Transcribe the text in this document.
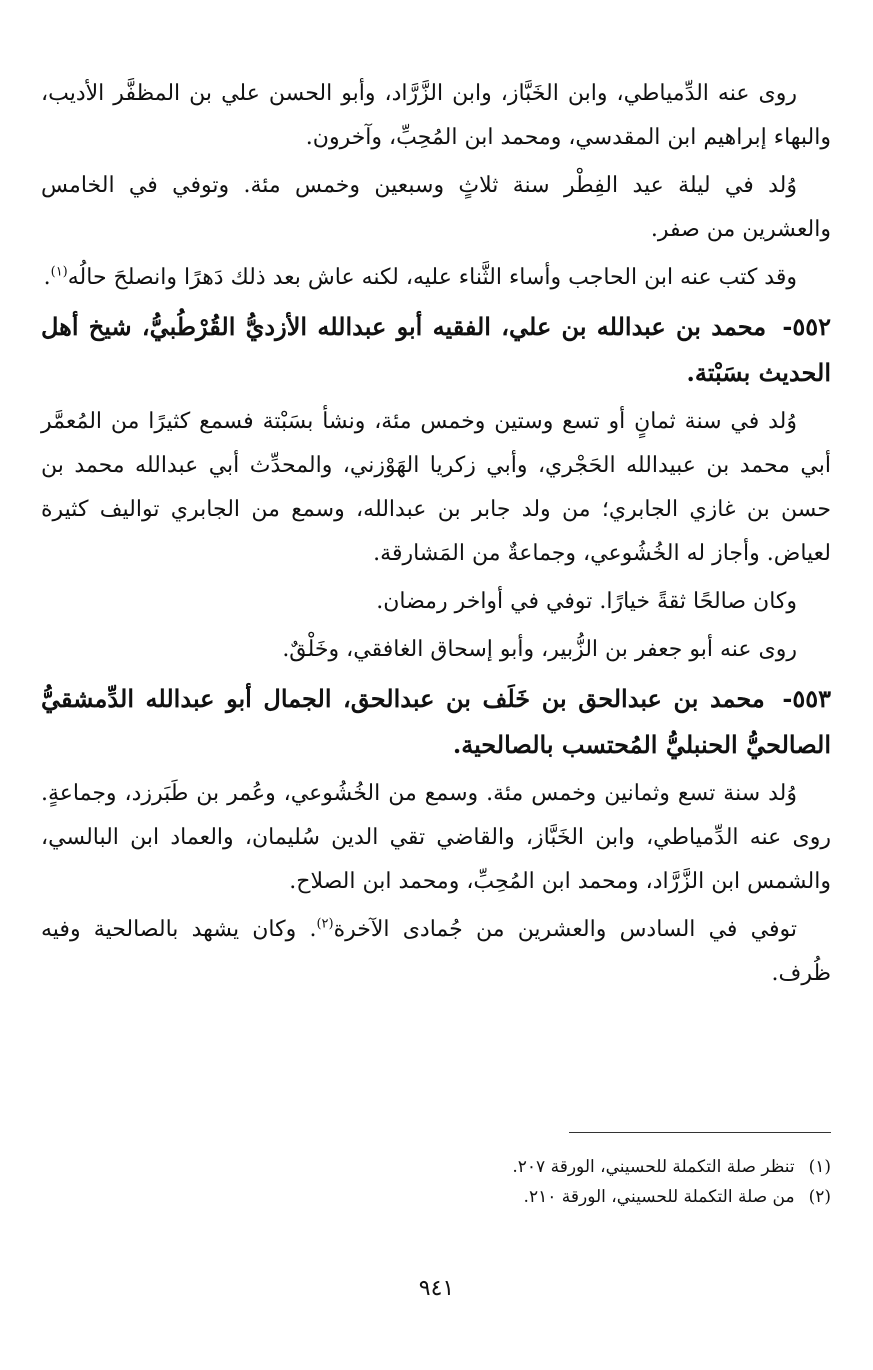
روى عنه الدِّمياطي، وابن الخَبَّاز، وابن الزَّرَّاد، وأبو الحسن علي بن المظفَّر الأديب، والبهاء إبراهيم ابن المقدسي، ومحمد ابن المُحِبِّ، وآخرون.

وُلد في ليلة عيد الفِطْر سنة ثلاثٍ وسبعين وخمس مئة. وتوفي في الخامس والعشرين من صفر.

وقد كتب عنه ابن الحاجب وأساء الثَّناء عليه، لكنه عاش بعد ذلك دَهرًا وانصلحَ حالُه$^{(١)}$.

٥٥٢- محمد بن عبدالله بن علي، الفقيه أبو عبدالله الأزديُّ القُرْطُبيُّ، شيخ أهل الحديث بسَبْتة.

وُلد في سنة ثمانٍ أو تسع وستين وخمس مئة، ونشأ بسَبْتة فسمع كثيرًا من المُعمَّر أبي محمد بن عبيدالله الحَجْري، وأبي زكريا الهَوْزني، والمحدِّث أبي عبدالله محمد بن حسن بن غازي الجابري؛ من ولد جابر بن عبدالله، وسمع من الجابري تواليف كثيرة لعياض. وأجاز له الخُشُوعي، وجماعةٌ من المَشارقة.

وكان صالحًا ثقةً خيارًا. توفي في أواخر رمضان.

روى عنه أبو جعفر بن الزُّبير، وأبو إسحاق الغافقي، وخَلْقٌ.

٥٥٣- محمد بن عبدالحق بن خَلَف بن عبدالحق، الجمال أبو عبدالله الدِّمشقيُّ الصالحيُّ الحنبليُّ المُحتسب بالصالحية.

وُلد سنة تسع وثمانين وخمس مئة. وسمع من الخُشُوعي، وعُمر بن طَبَرزد، وجماعةٍ. روى عنه الدِّمياطي، وابن الخَبَّاز، والقاضي تقي الدين سُليمان، والعماد ابن البالسي، والشمس ابن الزَّرَّاد، ومحمد ابن المُحِبِّ، ومحمد ابن الصلاح.

توفي في السادس والعشرين من جُمادى الآخرة$^{(٢)}$. وكان يشهد بالصالحية وفيه ظُرف.

(١)تنظر صلة التكملة للحسيني، الورقة ٢٠٧.
(٢)من صلة التكملة للحسيني، الورقة ٢١٠.
٩٤١
